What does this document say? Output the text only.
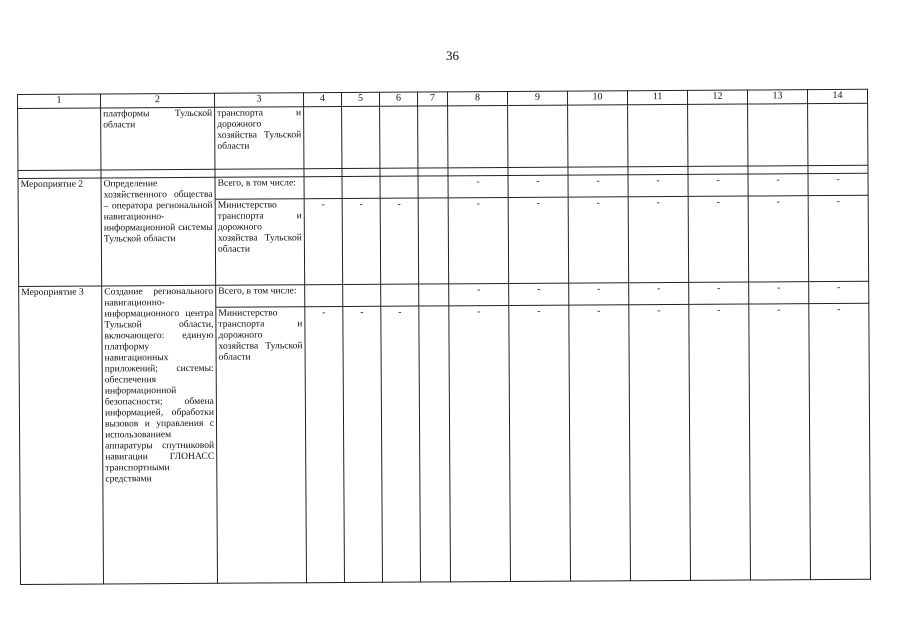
36
1	2	3	4	5	6	7	8	9	10	11	12	13	14
	платформы Тульской области	транспорта и дорожного хозяйства Тульской области											

Мероприятие 2	Определение хозяйственного общества – оператора региональной навигационно-информационной системы Тульской области	Всего, в том числе:					-	-	-	-	-	-	-
		Министерство транспорта и дорожного хозяйства Тульской области	-	-	-		-	-	-	-	-	-	-
Мероприятие 3	Создание регионального навигационно-информационного центра Тульской области, включающего: единую платформу навигационных приложений; системы: обеспечения информационной безопасности; обмена информацией, обработки вызовов и управления с использованием аппаратуры спутниковой навигации ГЛОНАСС транспортными средствами	Всего, в том числе:					-	-	-	-	-	-	-
		Министерство транспорта и дорожного хозяйства Тульской области	-	-	-		-	-	-	-	-	-	-
